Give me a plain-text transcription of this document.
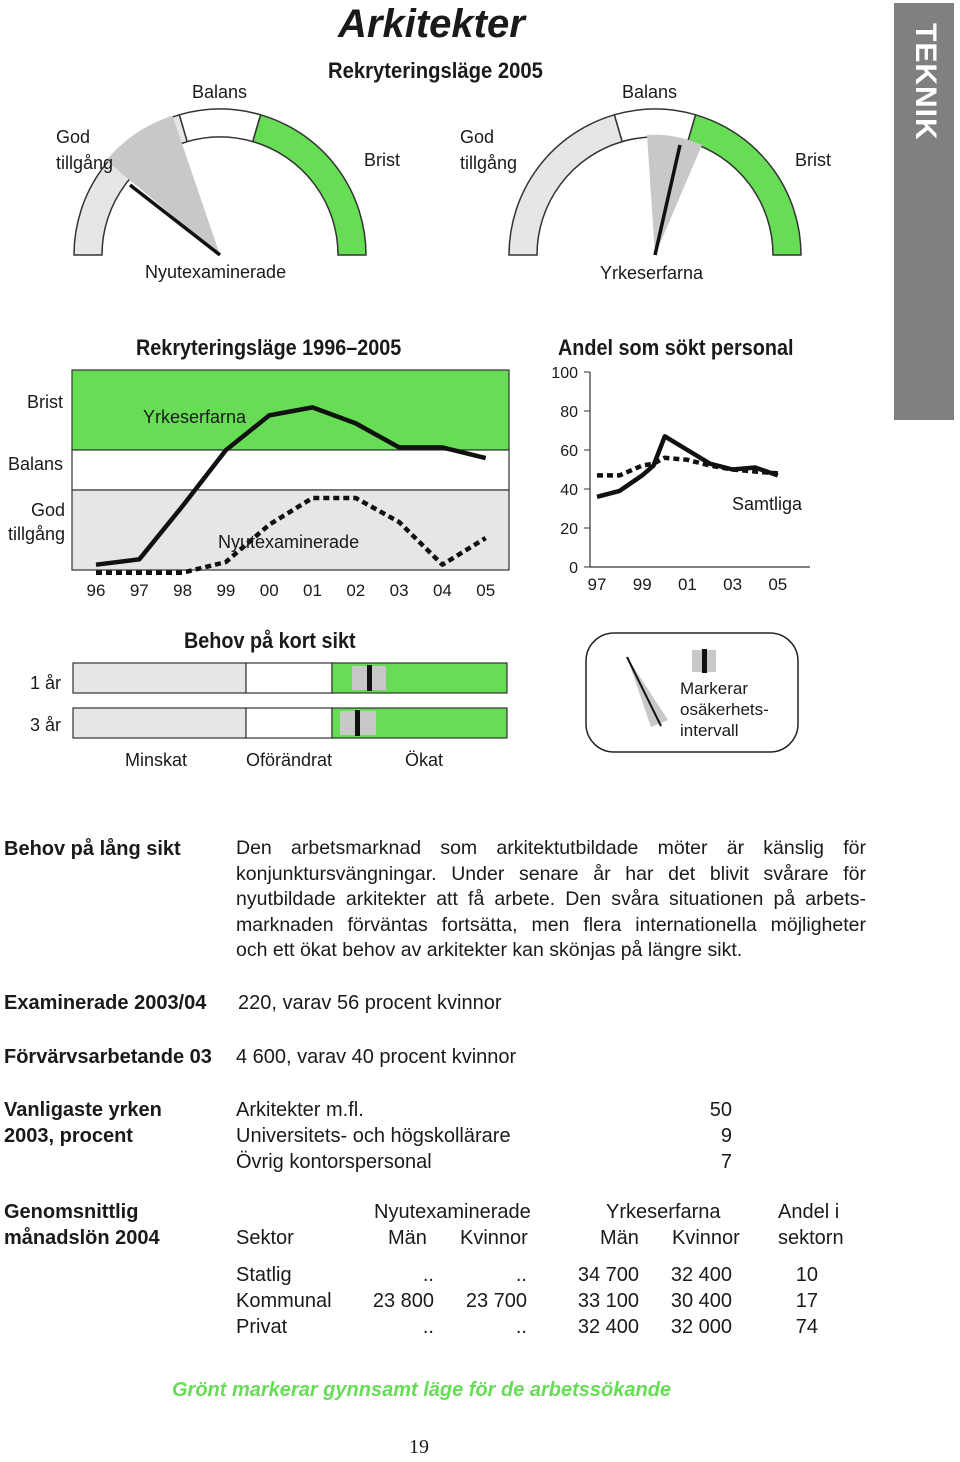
Arkitekter
Rekryteringsläge 2005	TEKNIK
God
tillgång
Balans
Brist
Nyutexaminerade
God
tillgång
Balans
Brist
Yrkeserfarna
Rekryteringsläge 1996–2005
Brist
Balans
God
tillgång
96 97 98 99 00 01 02 03 04 05
Yrkeserfarna
Nyutexaminerade
Andel som sökt personal
0
20
40
60
80
100
97 99 01 03 05
Samtliga
Behov på kort sikt
1 år
3 år
Minskat	Oförändrat	Ökat
Markerar
osäkerhets-
intervall
Behov på lång sikt	Den arbetsmarknad som arkitektutbildade möter är känslig för
konjunktursvängningar. Under senare år har det blivit svårare för
nyutbildade arkitekter att få arbete. Den svåra situationen på arbets-
marknaden förväntas fortsätta, men flera internationella möjligheter
och ett ökat behov av arkitekter kan skönjas på längre sikt.
Examinerade 2003/04 220, varav 56 procent kvinnor
Förvärvsarbetande 03 4 600, varav 40 procent kvinnor
Vanligaste yrken
2003, procent
Arkitekter m.fl.	50
Universitets- och högskollärare	9
Övrig kontorspersonal	7
Genomsnittlig
månadslön 2004
Nyutexaminerade	Yrkeserfarna	Andel i
Sektor	Män Kvinnor	Män Kvinnor sektorn
Statlig	..	..	34 700	32 400	10
Kommunal	23 800	23 700	33 100	30 400	17
Privat	..	..	32 400	32 000	74
Grönt markerar gynnsamt läge för de arbetssökande
19
